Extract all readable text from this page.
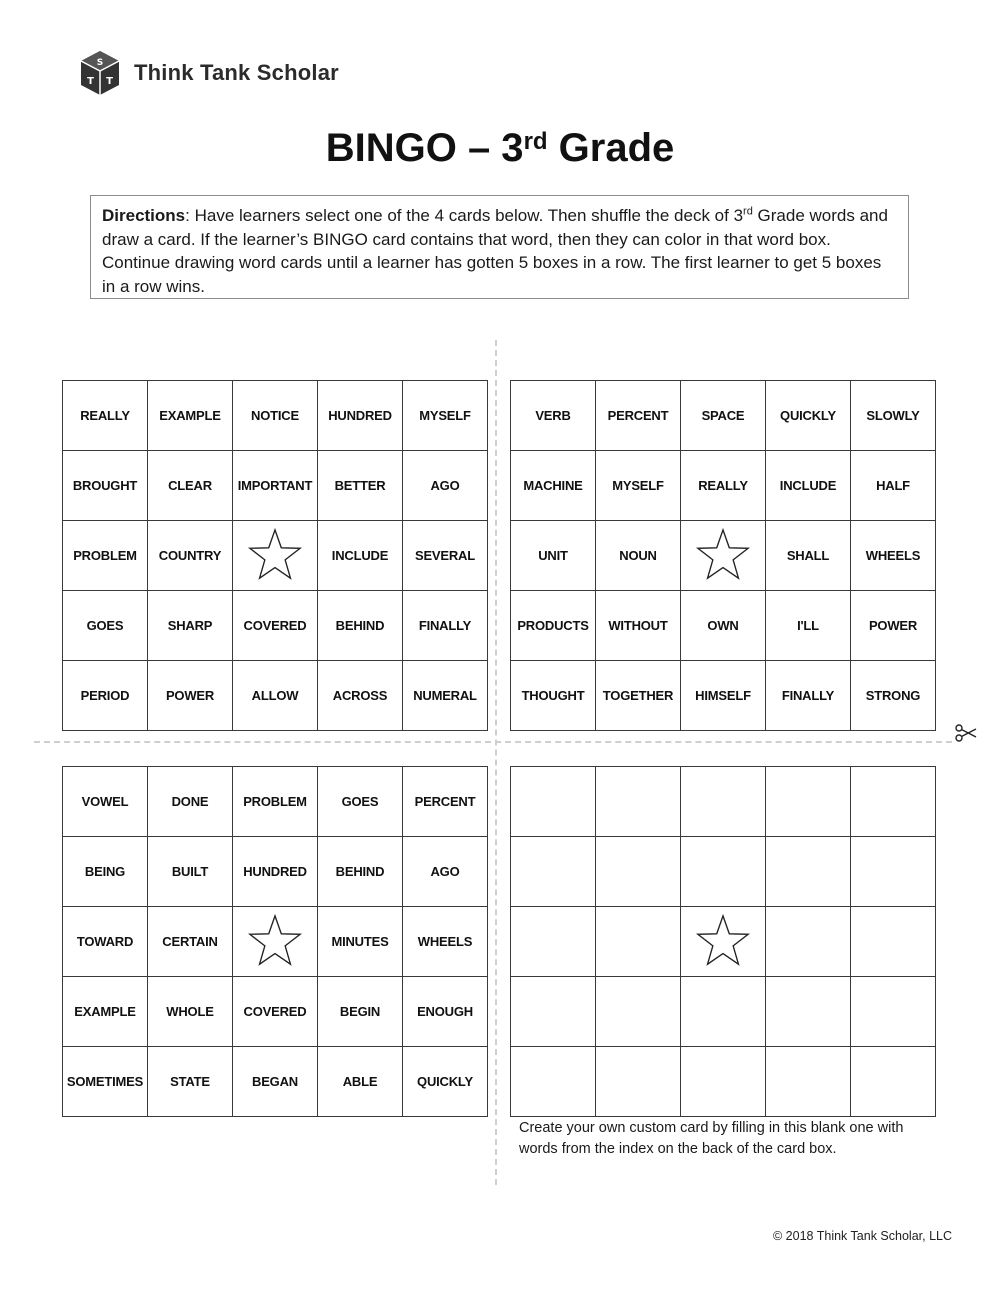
S
T T Think Tank Scholar
BINGO – 3rd Grade
Directions: Have learners select one of the 4 cards below. Then shuffle the deck of 3rd Grade words and draw a card. If the learner’s BINGO card contains that word, then they can color in that word box. Continue drawing word cards until a learner has gotten 5 boxes in a row. The first learner to get 5 boxes in a row wins.
REALLY	EXAMPLE	NOTICE	HUNDRED	MYSELF
BROUGHT	CLEAR	IMPORTANT	BETTER	AGO
PROBLEM	COUNTRY		INCLUDE	SEVERAL
GOES	SHARP	COVERED	BEHIND	FINALLY
PERIOD	POWER	ALLOW	ACROSS	NUMERAL
VERB	PERCENT	SPACE	QUICKLY	SLOWLY
MACHINE	MYSELF	REALLY	INCLUDE	HALF
UNIT	NOUN		SHALL	WHEELS
PRODUCTS	WITHOUT	OWN	I'LL	POWER
THOUGHT	TOGETHER	HIMSELF	FINALLY	STRONG
VOWEL	DONE	PROBLEM	GOES	PERCENT
BEING	BUILT	HUNDRED	BEHIND	AGO
TOWARD	CERTAIN		MINUTES	WHEELS
EXAMPLE	WHOLE	COVERED	BEGIN	ENOUGH
SOMETIMES	STATE	BEGAN	ABLE	QUICKLY

Create your own custom card by filling in this blank one with words from the index on the back of the card box.
© 2018 Think Tank Scholar, LLC
